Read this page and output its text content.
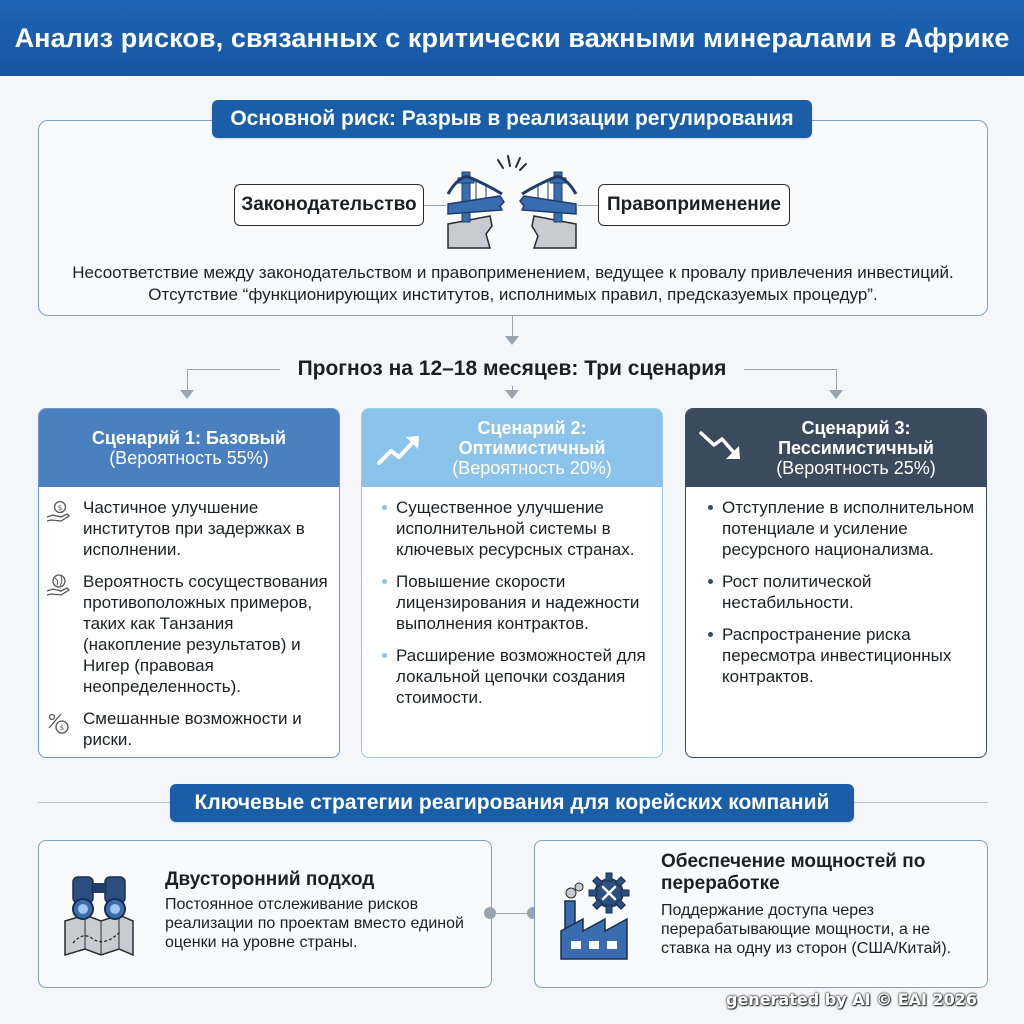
Анализ рисков, связанных с критически важными минералами в Африке
Основной риск: Разрыв в реализации регулирования
Законодательство	Правоприменение
Несоответствие между законодательством и правоприменением, ведущее к провалу привлечения инвестиций.
Отсутствие “функционирующих институтов, исполнимых правил, предсказуемых процедур”.
Прогноз на 12–18 месяцев: Три сценария
Сценарий 1: Базовый
(Вероятность 55%)
$ Частичное улучшение институтов при задержках в исполнении.
Вероятность сосуществования противоположных примеров, таких как Танзания (накопление результатов) и Нигер (правовая неопределенность).
$ Смешанные возможности и риски.
Сценарий 2: Оптимистичный
(Вероятность 20%)
Существенное улучшение исполнительной системы в ключевых ресурсных странах.
Повышение скорости лицензирования и надежности выполнения контрактов.
Расширение возможностей для локальной цепочки создания стоимости.
Сценарий 3: Пессимистичный
(Вероятность 25%)
Отступление в исполнительном потенциале и усиление ресурсного национализма.
Рост политической нестабильности.
Распространение риска пересмотра инвестиционных контрактов.
Ключевые стратегии реагирования для корейских компаний
Двусторонний подход

Постоянное отслеживание рисков реализации по проектам вместо единой оценки на уровне страны.

Обеспечение мощностей по переработке

Поддержание доступа через перерабатывающие мощности, а не ставка на одну из сторон (США/Китай).

generated by AI © EAI 2026
